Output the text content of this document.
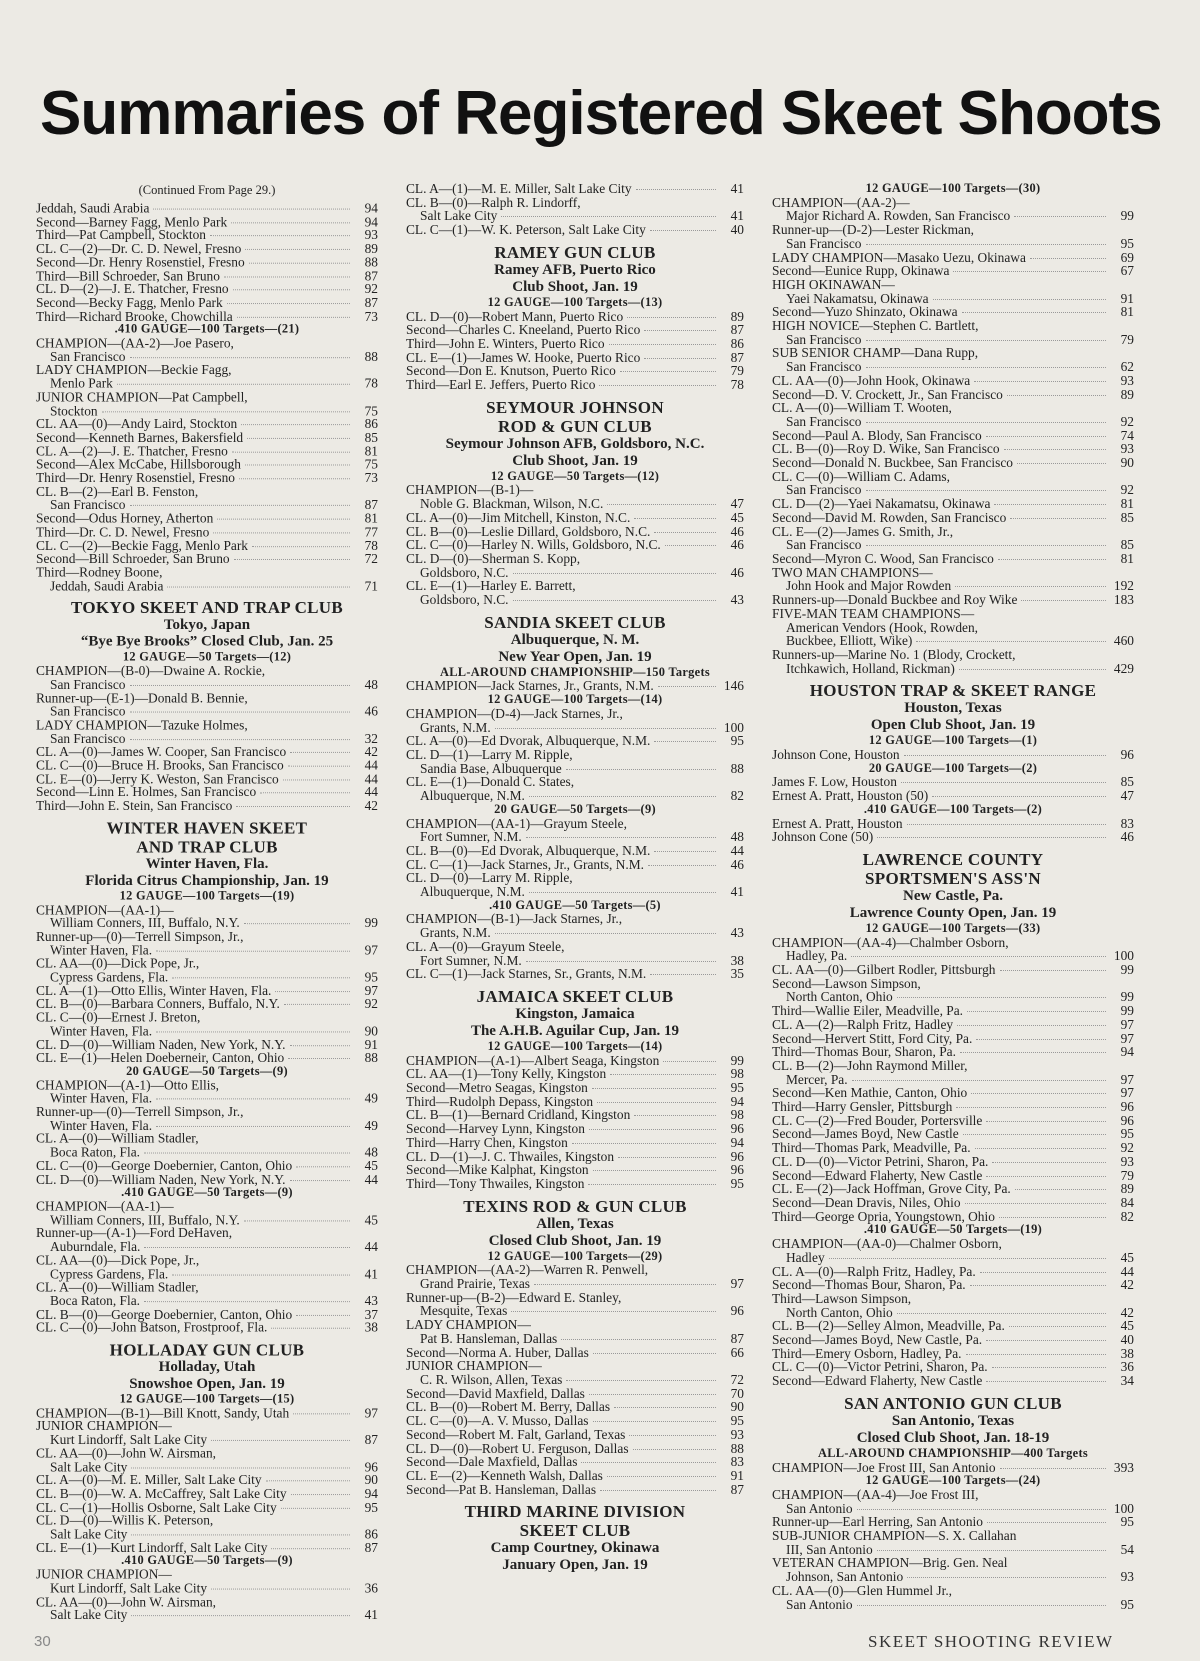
Summaries of Registered Skeet Shoots
(Continued From Page 29.)
Jeddah, Saudi Arabia	94
Second—Barney Fagg, Menlo Park	94
Third—Pat Campbell, Stockton	93
CL. C—(2)—Dr. C. D. Newel, Fresno	89
Second—Dr. Henry Rosenstiel, Fresno	88
Third—Bill Schroeder, San Bruno	87
CL. D—(2)—J. E. Thatcher, Fresno	92
Second—Becky Fagg, Menlo Park	87
Third—Richard Brooke, Chowchilla	73
.410 GAUGE—100 Targets—(21)
CHAMPION—(AA-2)—Joe Pasero,
San Francisco	88
LADY CHAMPION—Beckie Fagg,
Menlo Park	78
JUNIOR CHAMPION—Pat Campbell,
Stockton	75
CL. AA—(0)—Andy Laird, Stockton	86
Second—Kenneth Barnes, Bakersfield	85
CL. A—(2)—J. E. Thatcher, Fresno	81
Second—Alex McCabe, Hillsborough	75
Third—Dr. Henry Rosenstiel, Fresno	73
CL. B—(2)—Earl B. Fenston,
San Francisco	87
Second—Odus Horney, Atherton	81
Third—Dr. C. D. Newel, Fresno	77
CL. C—(2)—Beckie Fagg, Menlo Park	78
Second—Bill Schroeder, San Bruno	72
Third—Rodney Boone,
Jeddah, Saudi Arabia	71
TOKYO SKEET AND TRAP CLUB
Tokyo, Japan
“Bye Bye Brooks” Closed Club, Jan. 25
12 GAUGE—50 Targets—(12)
CHAMPION—(B-0)—Dwaine A. Rockie,
San Francisco	48
Runner-up—(E-1)—Donald B. Bennie,
San Francisco	46
LADY CHAMPION—Tazuke Holmes,
San Francisco	32
CL. A—(0)—James W. Cooper, San Francisco	42
CL. C—(0)—Bruce H. Brooks, San Francisco	44
CL. E—(0)—Jerry K. Weston, San Francisco	44
Second—Linn E. Holmes, San Francisco	44
Third—John E. Stein, San Francisco	42
WINTER HAVEN SKEET
AND TRAP CLUB
Winter Haven, Fla.
Florida Citrus Championship, Jan. 19
12 GAUGE—100 Targets—(19)
CHAMPION—(AA-1)—
William Conners, III, Buffalo, N.Y.	99
Runner-up—(0)—Terrell Simpson, Jr.,
Winter Haven, Fla.	97
CL. AA—(0)—Dick Pope, Jr.,
Cypress Gardens, Fla.	95
CL. A—(1)—Otto Ellis, Winter Haven, Fla.	97
CL. B—(0)—Barbara Conners, Buffalo, N.Y.	92
CL. C—(0)—Ernest J. Breton,
Winter Haven, Fla.	90
CL. D—(0)—William Naden, New York, N.Y.	91
CL. E—(1)—Helen Doeberneir, Canton, Ohio	88
20 GAUGE—50 Targets—(9)
CHAMPION—(A-1)—Otto Ellis,
Winter Haven, Fla.	49
Runner-up—(0)—Terrell Simpson, Jr.,
Winter Haven, Fla.	49
CL. A—(0)—William Stadler,
Boca Raton, Fla.	48
CL. C—(0)—George Doebernier, Canton, Ohio	45
CL. D—(0)—William Naden, New York, N.Y.	44
.410 GAUGE—50 Targets—(9)
CHAMPION—(AA-1)—
William Conners, III, Buffalo, N.Y.	45
Runner-up—(A-1)—Ford DeHaven,
Auburndale, Fla.	44
CL. AA—(0)—Dick Pope, Jr.,
Cypress Gardens, Fla.	41
CL. A—(0)—William Stadler,
Boca Raton, Fla.	43
CL. B—(0)—George Doebernier, Canton, Ohio	37
CL. C—(0)—John Batson, Frostproof, Fla.	38
HOLLADAY GUN CLUB
Holladay, Utah
Snowshoe Open, Jan. 19
12 GAUGE—100 Targets—(15)
CHAMPION—(B-1)—Bill Knott, Sandy, Utah	97
JUNIOR CHAMPION—
Kurt Lindorff, Salt Lake City	87
CL. AA—(0)—John W. Airsman,
Salt Lake City	96
CL. A—(0)—M. E. Miller, Salt Lake City	90
CL. B—(0)—W. A. McCaffrey, Salt Lake City	94
CL. C—(1)—Hollis Osborne, Salt Lake City	95
CL. D—(0)—Willis K. Peterson,
Salt Lake City	86
CL. E—(1)—Kurt Lindorff, Salt Lake City	87
.410 GAUGE—50 Targets—(9)
JUNIOR CHAMPION—
Kurt Lindorff, Salt Lake City	36
CL. AA—(0)—John W. Airsman,
Salt Lake City	41
CL. A—(1)—M. E. Miller, Salt Lake City	41
CL. B—(0)—Ralph R. Lindorff,
Salt Lake City	41
CL. C—(1)—W. K. Peterson, Salt Lake City	40
RAMEY GUN CLUB
Ramey AFB, Puerto Rico
Club Shoot, Jan. 19
12 GAUGE—100 Targets—(13)
CL. D—(0)—Robert Mann, Puerto Rico	89
Second—Charles C. Kneeland, Puerto Rico	87
Third—John E. Winters, Puerto Rico	86
CL. E—(1)—James W. Hooke, Puerto Rico	87
Second—Don E. Knutson, Puerto Rico	79
Third—Earl E. Jeffers, Puerto Rico	78
SEYMOUR JOHNSON
ROD & GUN CLUB
Seymour Johnson AFB, Goldsboro, N.C.
Club Shoot, Jan. 19
12 GAUGE—50 Targets—(12)
CHAMPION—(B-1)—
Noble G. Blackman, Wilson, N.C.	47
CL. A—(0)—Jim Mitchell, Kinston, N.C.	45
CL. B—(0)—Leslie Dillard, Goldsboro, N.C.	46
CL. C—(0)—Harley N. Wills, Goldsboro, N.C.	46
CL. D—(0)—Sherman S. Kopp,
Goldsboro, N.C.	46
CL. E—(1)—Harley E. Barrett,
Goldsboro, N.C.	43
SANDIA SKEET CLUB
Albuquerque, N. M.
New Year Open, Jan. 19
ALL-AROUND CHAMPIONSHIP—150 Targets
CHAMPION—Jack Starnes, Jr., Grants, N.M.	146
12 GAUGE—100 Targets—(14)
CHAMPION—(D-4)—Jack Starnes, Jr.,
Grants, N.M.	100
CL. A—(0)—Ed Dvorak, Albuquerque, N.M.	95
CL. D—(1)—Larry M. Ripple,
Sandia Base, Albuquerque	88
CL. E—(1)—Donald C. States,
Albuquerque, N.M.	82
20 GAUGE—50 Targets—(9)
CHAMPION—(AA-1)—Grayum Steele,
Fort Sumner, N.M.	48
CL. B—(0)—Ed Dvorak, Albuquerque, N.M.	44
CL. C—(1)—Jack Starnes, Jr., Grants, N.M.	46
CL. D—(0)—Larry M. Ripple,
Albuquerque, N.M.	41
.410 GAUGE—50 Targets—(5)
CHAMPION—(B-1)—Jack Starnes, Jr.,
Grants, N.M.	43
CL. A—(0)—Grayum Steele,
Fort Sumner, N.M.	38
CL. C—(1)—Jack Starnes, Sr., Grants, N.M.	35
JAMAICA SKEET CLUB
Kingston, Jamaica
The A.H.B. Aguilar Cup, Jan. 19
12 GAUGE—100 Targets—(14)
CHAMPION—(A-1)—Albert Seaga, Kingston	99
CL. AA—(1)—Tony Kelly, Kingston	98
Second—Metro Seagas, Kingston	95
Third—Rudolph Depass, Kingston	94
CL. B—(1)—Bernard Cridland, Kingston	98
Second—Harvey Lynn, Kingston	96
Third—Harry Chen, Kingston	94
CL. D—(1)—J. C. Thwailes, Kingston	96
Second—Mike Kalphat, Kingston	96
Third—Tony Thwailes, Kingston	95
TEXINS ROD & GUN CLUB
Allen, Texas
Closed Club Shoot, Jan. 19
12 GAUGE—100 Targets—(29)
CHAMPION—(AA-2)—Warren R. Penwell,
Grand Prairie, Texas	97
Runner-up—(B-2)—Edward E. Stanley,
Mesquite, Texas	96
LADY CHAMPION—
Pat B. Hansleman, Dallas	87
Second—Norma A. Huber, Dallas	66
JUNIOR CHAMPION—
C. R. Wilson, Allen, Texas	72
Second—David Maxfield, Dallas	70
CL. B—(0)—Robert M. Berry, Dallas	90
CL. C—(0)—A. V. Musso, Dallas	95
Second—Robert M. Falt, Garland, Texas	93
CL. D—(0)—Robert U. Ferguson, Dallas	88
Second—Dale Maxfield, Dallas	83
CL. E—(2)—Kenneth Walsh, Dallas	91
Second—Pat B. Hansleman, Dallas	87
THIRD MARINE DIVISION
SKEET CLUB
Camp Courtney, Okinawa
January Open, Jan. 19
12 GAUGE—100 Targets—(30)
CHAMPION—(AA-2)—
Major Richard A. Rowden, San Francisco	99
Runner-up—(D-2)—Lester Rickman,
San Francisco	95
LADY CHAMPION—Masako Uezu, Okinawa	69
Second—Eunice Rupp, Okinawa	67
HIGH OKINAWAN—
Yaei Nakamatsu, Okinawa	91
Second—Yuzo Shinzato, Okinawa	81
HIGH NOVICE—Stephen C. Bartlett,
San Francisco	79
SUB SENIOR CHAMP—Dana Rupp,
San Francisco	62
CL. AA—(0)—John Hook, Okinawa	93
Second—D. V. Crockett, Jr., San Francisco	89
CL. A—(0)—William T. Wooten,
San Francisco	92
Second—Paul A. Blody, San Francisco	74
CL. B—(0)—Roy D. Wike, San Francisco	93
Second—Donald N. Buckbee, San Francisco	90
CL. C—(0)—William C. Adams,
San Francisco	92
CL. D—(2)—Yaei Nakamatsu, Okinawa	81
Second—David M. Rowden, San Francisco	85
CL. E—(2)—James G. Smith, Jr.,
San Francisco	85
Second—Myron C. Wood, San Francisco	81
TWO MAN CHAMPIONS—
John Hook and Major Rowden	192
Runners-up—Donald Buckbee and Roy Wike	183
FIVE-MAN TEAM CHAMPIONS—
American Vendors (Hook, Rowden,
Buckbee, Elliott, Wike)	460
Runners-up—Marine No. 1 (Blody, Crockett,
Itchkawich, Holland, Rickman)	429
HOUSTON TRAP & SKEET RANGE
Houston, Texas
Open Club Shoot, Jan. 19
12 GAUGE—100 Targets—(1)
Johnson Cone, Houston	96
20 GAUGE—100 Targets—(2)
James F. Low, Houston	85
Ernest A. Pratt, Houston (50)	47
.410 GAUGE—100 Targets—(2)
Ernest A. Pratt, Houston	83
Johnson Cone (50)	46
LAWRENCE COUNTY
SPORTSMEN'S ASS'N
New Castle, Pa.
Lawrence County Open, Jan. 19
12 GAUGE—100 Targets—(33)
CHAMPION—(AA-4)—Chalmber Osborn,
Hadley, Pa.	100
CL. AA—(0)—Gilbert Rodler, Pittsburgh	99
Second—Lawson Simpson,
North Canton, Ohio	99
Third—Wallie Eiler, Meadville, Pa.	99
CL. A—(2)—Ralph Fritz, Hadley	97
Second—Hervert Stitt, Ford City, Pa.	97
Third—Thomas Bour, Sharon, Pa.	94
CL. B—(2)—John Raymond Miller,
Mercer, Pa.	97
Second—Ken Mathie, Canton, Ohio	97
Third—Harry Gensler, Pittsburgh	96
CL. C—(2)—Fred Bouder, Portersville	96
Second—James Boyd, New Castle	95
Third—Thomas Park, Meadville, Pa.	92
CL. D—(0)—Victor Petrini, Sharon, Pa.	93
Second—Edward Flaherty, New Castle	79
CL. E—(2)—Jack Hoffman, Grove City, Pa.	89
Second—Dean Dravis, Niles, Ohio	84
Third—George Opria, Youngstown, Ohio	82
.410 GAUGE—50 Targets—(19)
CHAMPION—(AA-0)—Chalmer Osborn,
Hadley	45
CL. A—(0)—Ralph Fritz, Hadley, Pa.	44
Second—Thomas Bour, Sharon, Pa.	42
Third—Lawson Simpson,
North Canton, Ohio	42
CL. B—(2)—Selley Almon, Meadville, Pa.	45
Second—James Boyd, New Castle, Pa.	40
Third—Emery Osborn, Hadley, Pa.	38
CL. C—(0)—Victor Petrini, Sharon, Pa.	36
Second—Edward Flaherty, New Castle	34
SAN ANTONIO GUN CLUB
San Antonio, Texas
Closed Club Shoot, Jan. 18-19
ALL-AROUND CHAMPIONSHIP—400 Targets
CHAMPION—Joe Frost III, San Antonio	393
12 GAUGE—100 Targets—(24)
CHAMPION—(AA-4)—Joe Frost III,
San Antonio	100
Runner-up—Earl Herring, San Antonio	95
SUB-JUNIOR CHAMPION—S. X. Callahan
III, San Antonio	54
VETERAN CHAMPION—Brig. Gen. Neal
Johnson, San Antonio	93
CL. AA—(0)—Glen Hummel Jr.,
San Antonio	95
30	SKEET SHOOTING REVIEW
